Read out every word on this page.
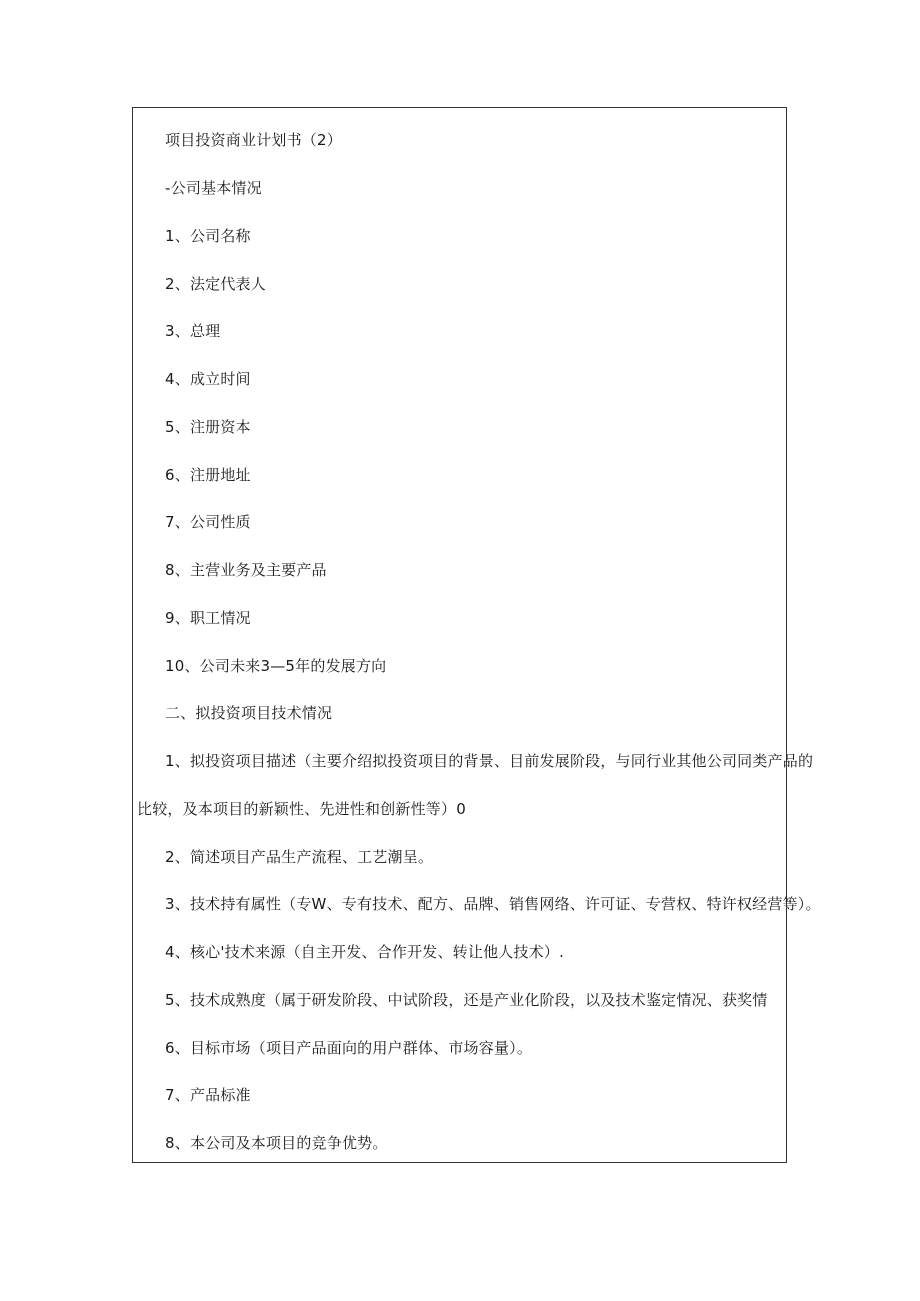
项目投资商业计划书（2）
-公司基本情况
1、公司名称
2、法定代表人
3、总理
4、成立时间
5、注册资本
6、注册地址
7、公司性质
8、主营业务及主要产品
9、职工情况
10、公司未来3—5年的发展方向
二、拟投资项目技术情况
1、拟投资项目描述（主要介绍拟投资项目的背景、目前发展阶段，与同行业其他公司同类产品的
比较，及本项目的新颖性、先进性和创新性等）0
2、简述项目产品生产流程、工艺潮呈。
3、技术持有属性（专W、专有技术、配方、品牌、销售网络、许可证、专营权、特许权经营等）。
4、核心'技术来源（自主开发、合作开发、转让他人技术）.
5、技术成熟度（属于研发阶段、中试阶段，还是产业化阶段，以及技术鉴定情况、获奖情
6、目标市场（项目产品面向的用户群体、市场容量）。
7、产品标准
8、本公司及本项目的竞争优势。
